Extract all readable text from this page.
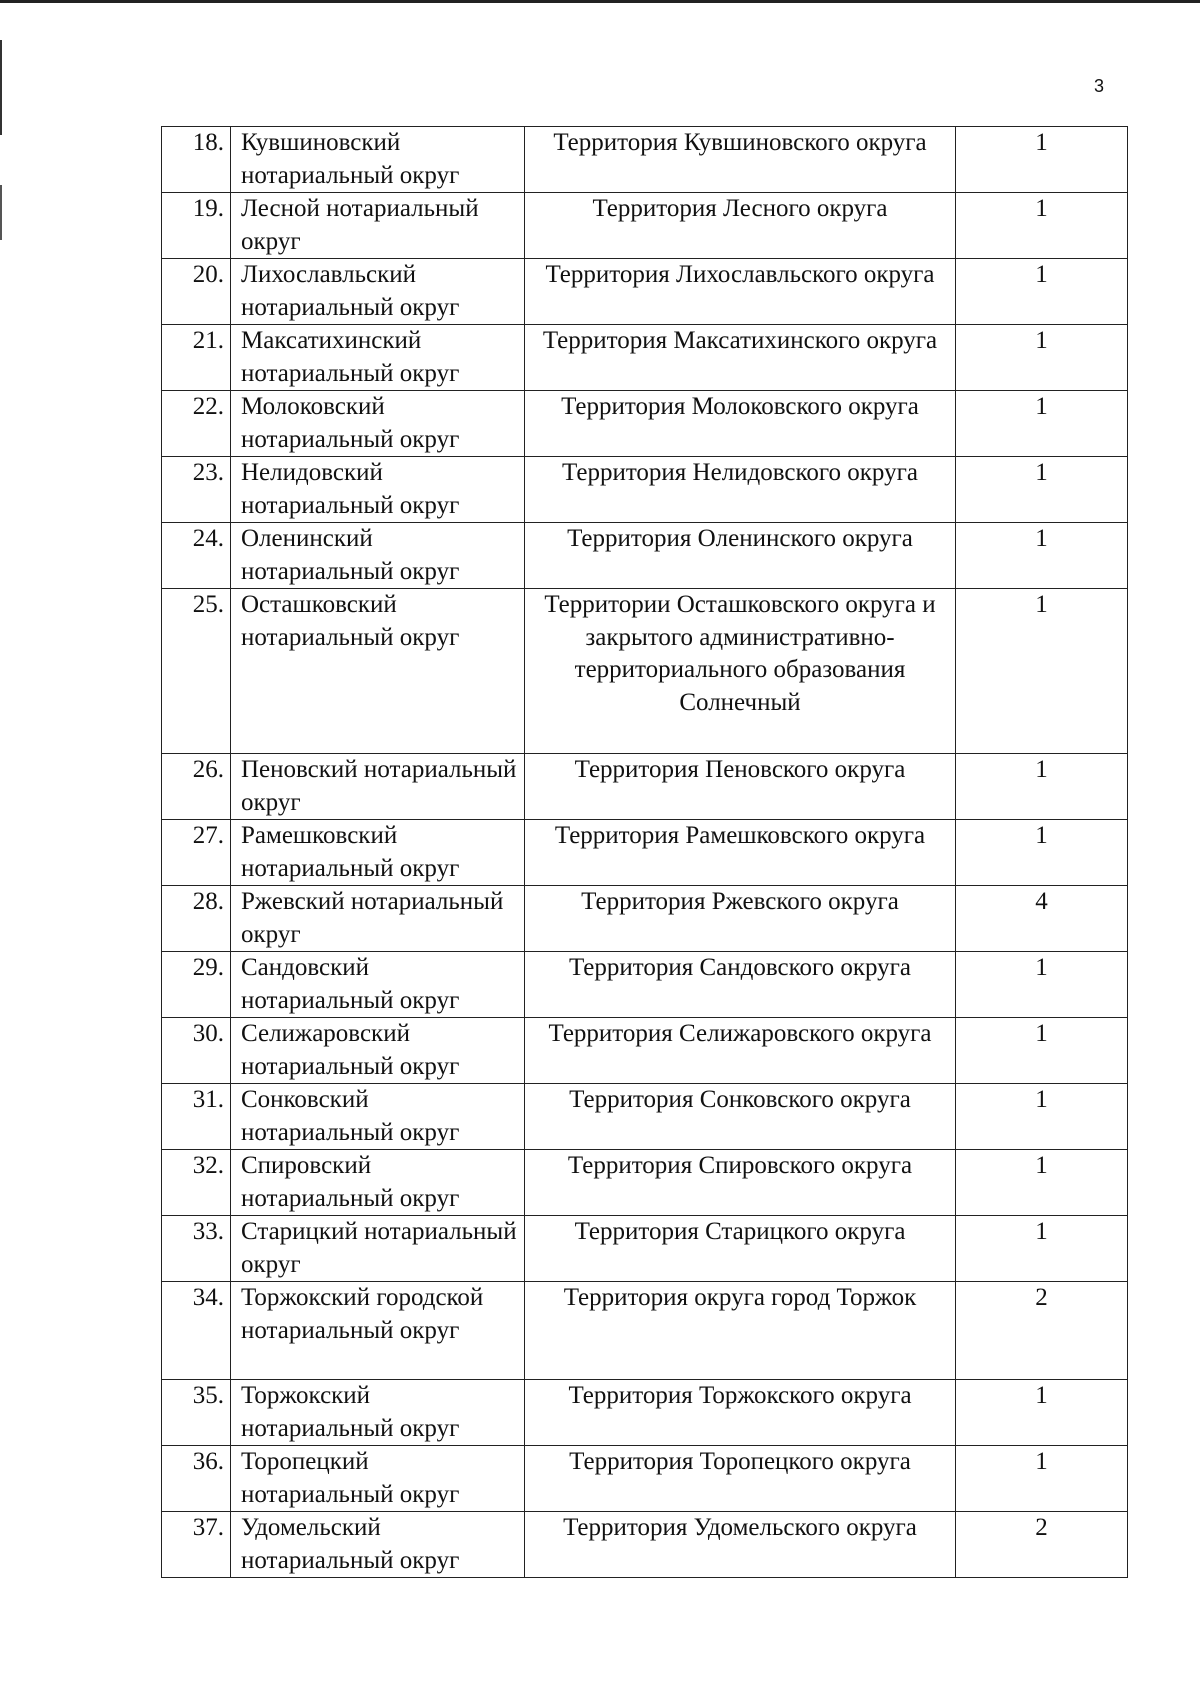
3
18.	Кувшиновский нотариальный округ	Территория Кувшиновского округа	1
19.	Лесной нотариальный округ	Территория Лесного округа	1
20.	Лихославльский нотариальный округ	Территория Лихославльского округа	1
21.	Максатихинский нотариальный округ	Территория Максатихинского округа	1
22.	Молоковский нотариальный округ	Территория Молоковского округа	1
23.	Нелидовский нотариальный округ	Территория Нелидовского округа	1
24.	Оленинский нотариальный округ	Территория Оленинского округа	1
25.	Осташковский нотариальный округ	Территории Осташковского округа и закрытого административно-территориального образования Солнечный	1
26.	Пеновский нотариальный округ	Территория Пеновского округа	1
27.	Рамешковский нотариальный округ	Территория Рамешковского округа	1
28.	Ржевский нотариальный округ	Территория Ржевского округа	4
29.	Сандовский нотариальный округ	Территория Сандовского округа	1
30.	Селижаровский нотариальный округ	Территория Селижаровского округа	1
31.	Сонковский нотариальный округ	Территория Сонковского округа	1
32.	Спировский нотариальный округ	Территория Спировского округа	1
33.	Старицкий нотариальный округ	Территория Старицкого округа	1
34.	Торжокский городской нотариальный округ	Территория округа город Торжок	2
35.	Торжокский нотариальный округ	Территория Торжокского округа	1
36.	Торопецкий нотариальный округ	Территория Торопецкого округа	1
37.	Удомельский нотариальный округ	Территория Удомельского округа	2
